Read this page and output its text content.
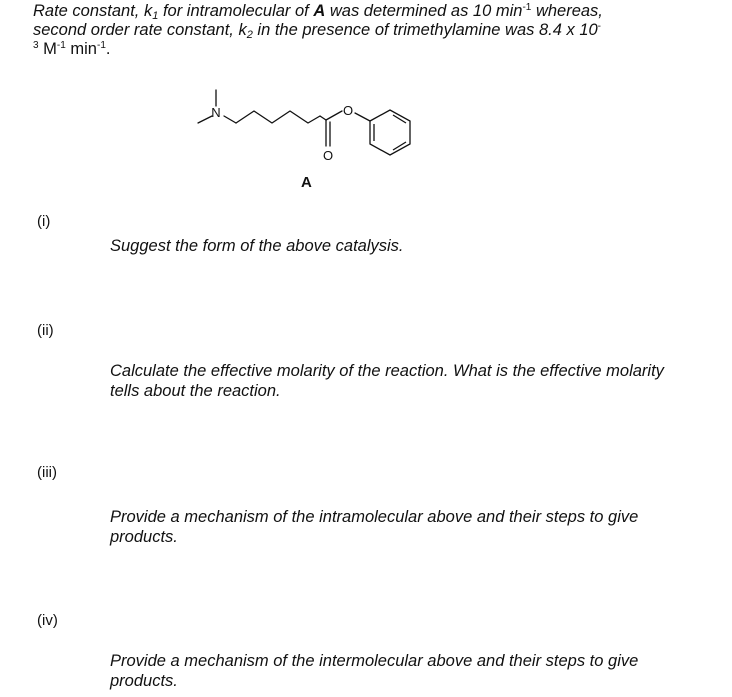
Rate constant, $k_1$ for intramolecular of A was determined as 10 $\min^{-1}$ whereas,
second order rate constant, $k_2$ in the presence of trimethylamine was 8.4 x 10-
$^3$ $M^{-1}$ $\min^{-1}$.
N	O
O
A
(i)
Suggest the form of the above catalysis.
(ii)
Calculate the effective molarity of the reaction. What is the effective molarity tells about the reaction.
(iii)
Provide a mechanism of the intramolecular above and their steps to give products.
(iv)
Provide a mechanism of the intermolecular above and their steps to give products.
